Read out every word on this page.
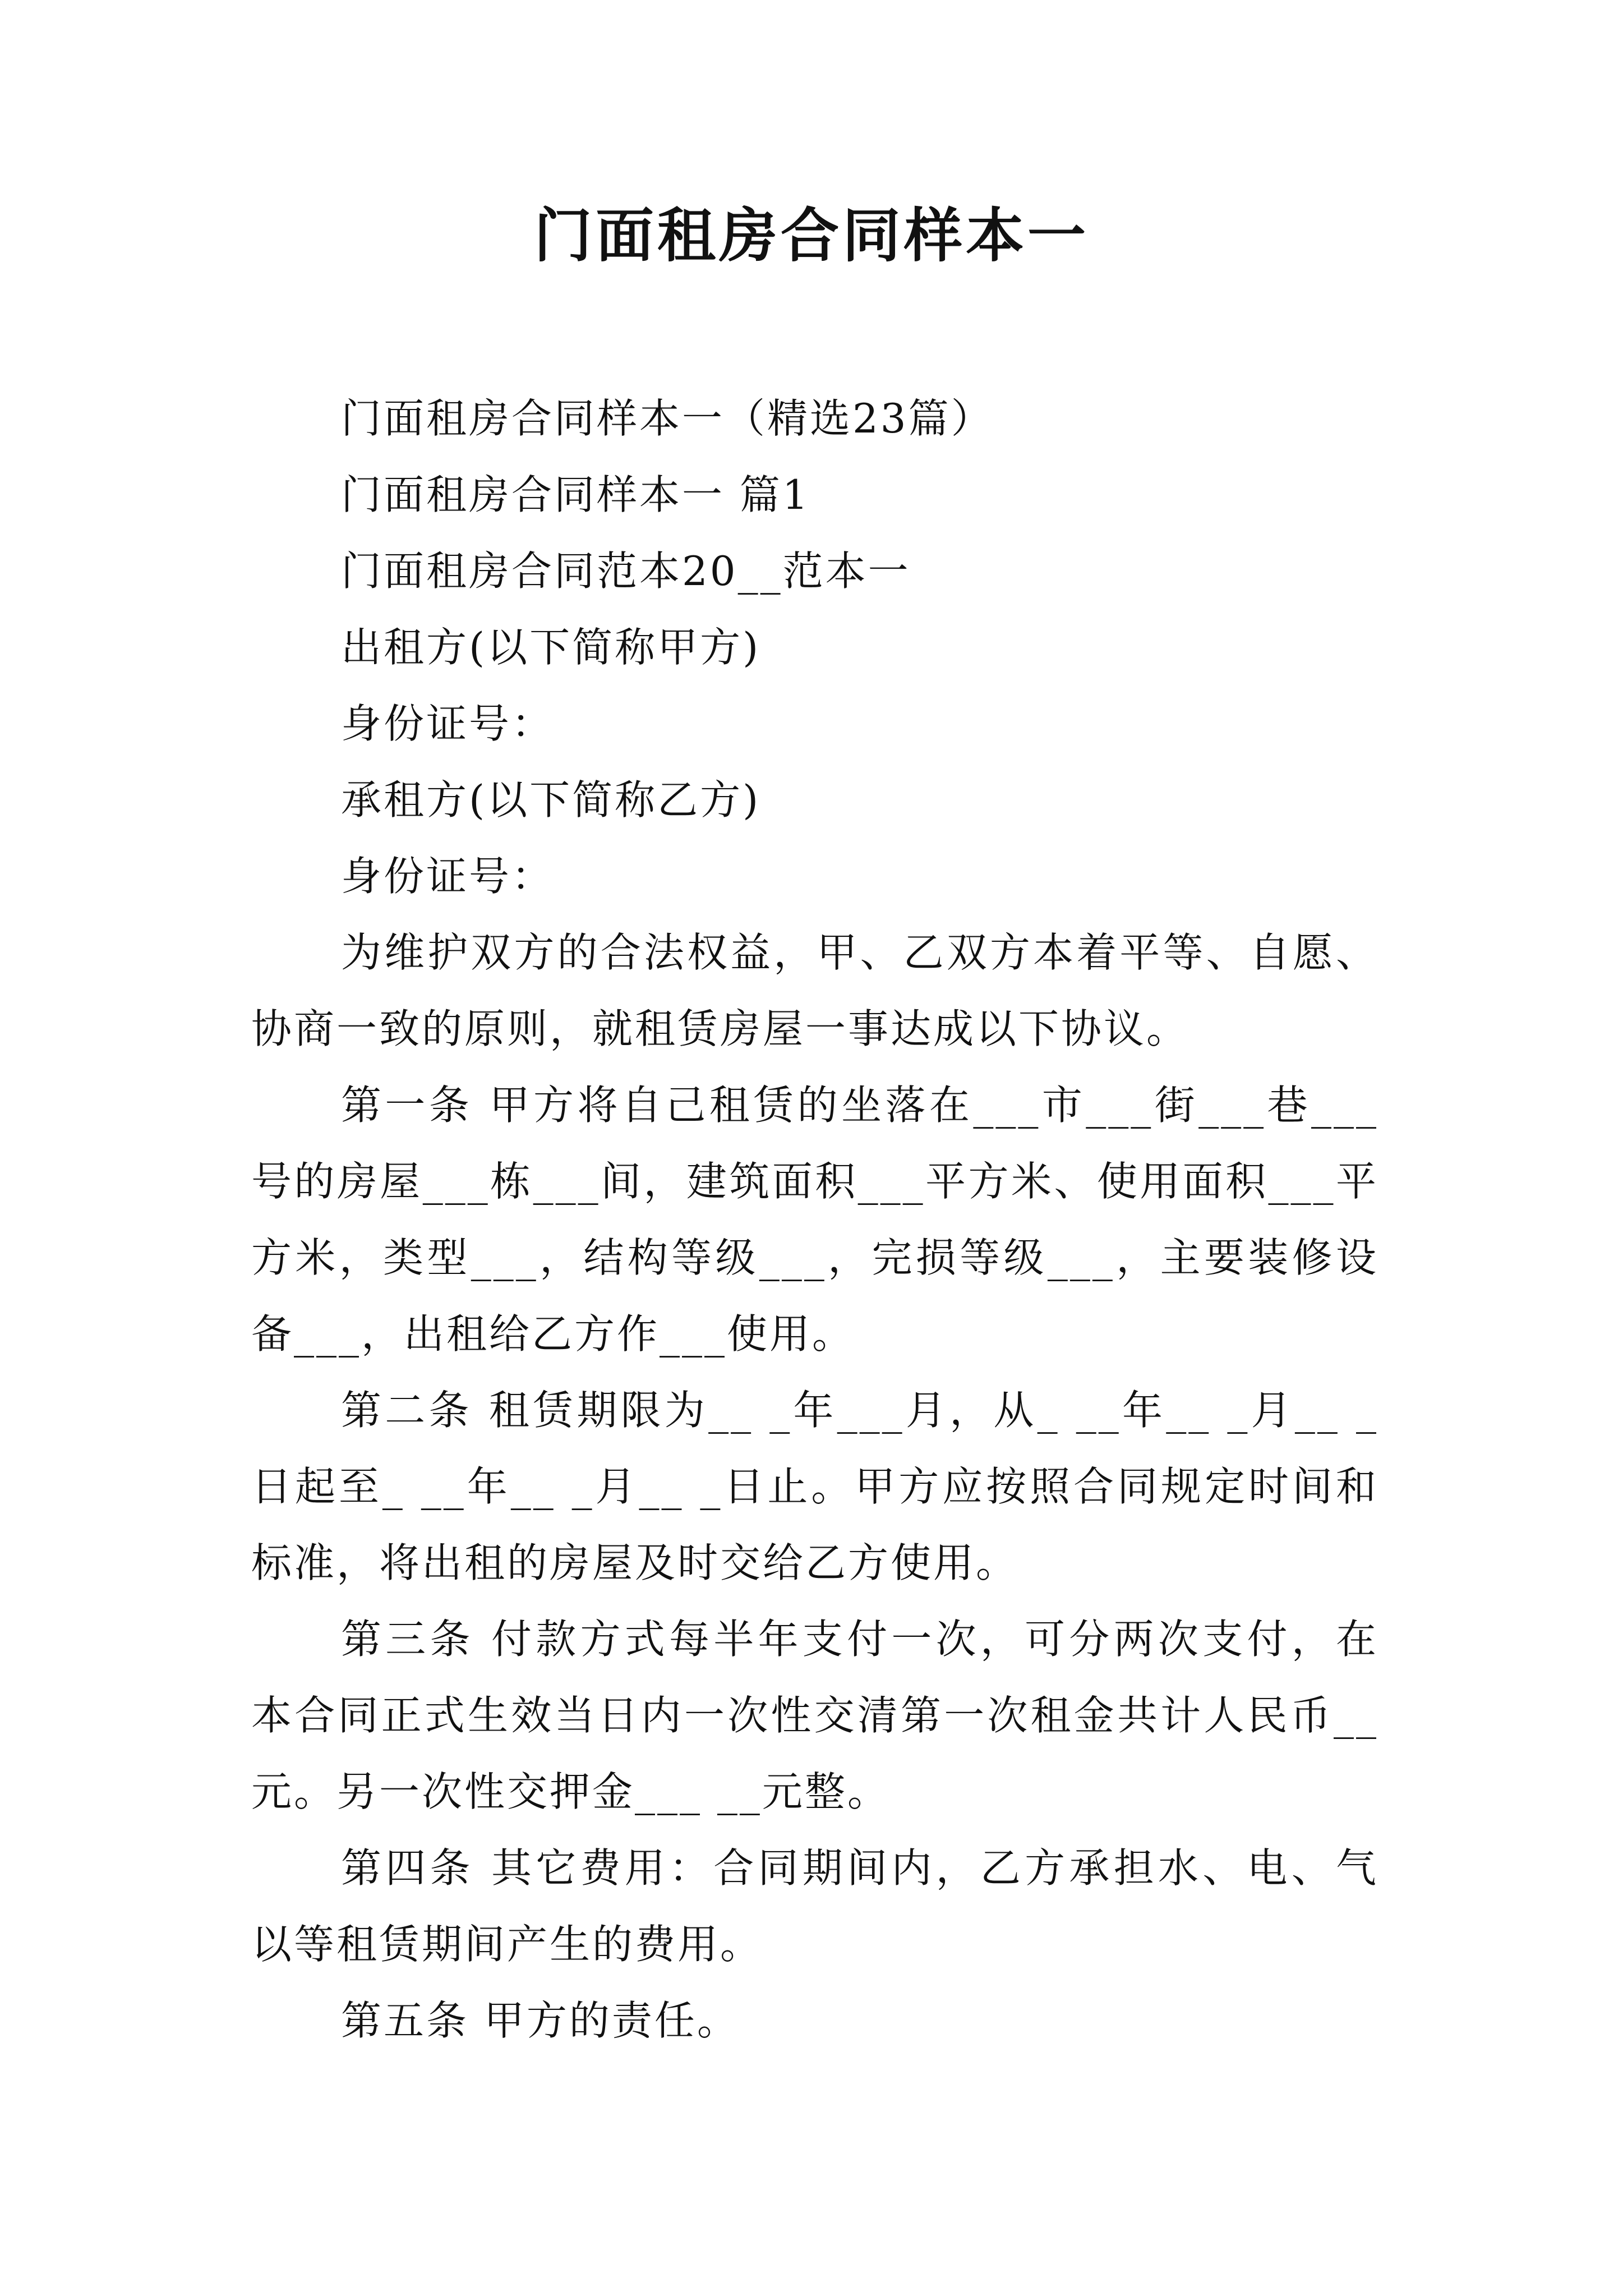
门面租房合同样本一

门面租房合同样本一（精选23篇）

门面租房合同样本一 篇1

门面租房合同范本20__范本一

出租方(以下简称甲方)

身份证号：

承租方(以下简称乙方)

身份证号：

为维护双方的合法权益，甲、乙双方本着平等、自愿、协商一致的原则，就租赁房屋一事达成以下协议。

第一条 甲方将自己租赁的坐落在___市___街___巷___号的房屋___栋___间，建筑面积___平方米、使用面积___平方米，类型___，结构等级___，完损等级___，主要装修设备___，出租给乙方作___使用。

第二条 租赁期限为__ _年___月，从_ __年__ _月__ _日起至_ __年__ _月__ _日止。甲方应按照合同规定时间和标准，将出租的房屋及时交给乙方使用。

第三条 付款方式每半年支付一次，可分两次支付，在本合同正式生效当日内一次性交清第一次租金共计人民币__元。另一次性交押金___ __元整。

第四条 其它费用：合同期间内，乙方承担水、电、气以等租赁期间产生的费用。

第五条 甲方的责任。
